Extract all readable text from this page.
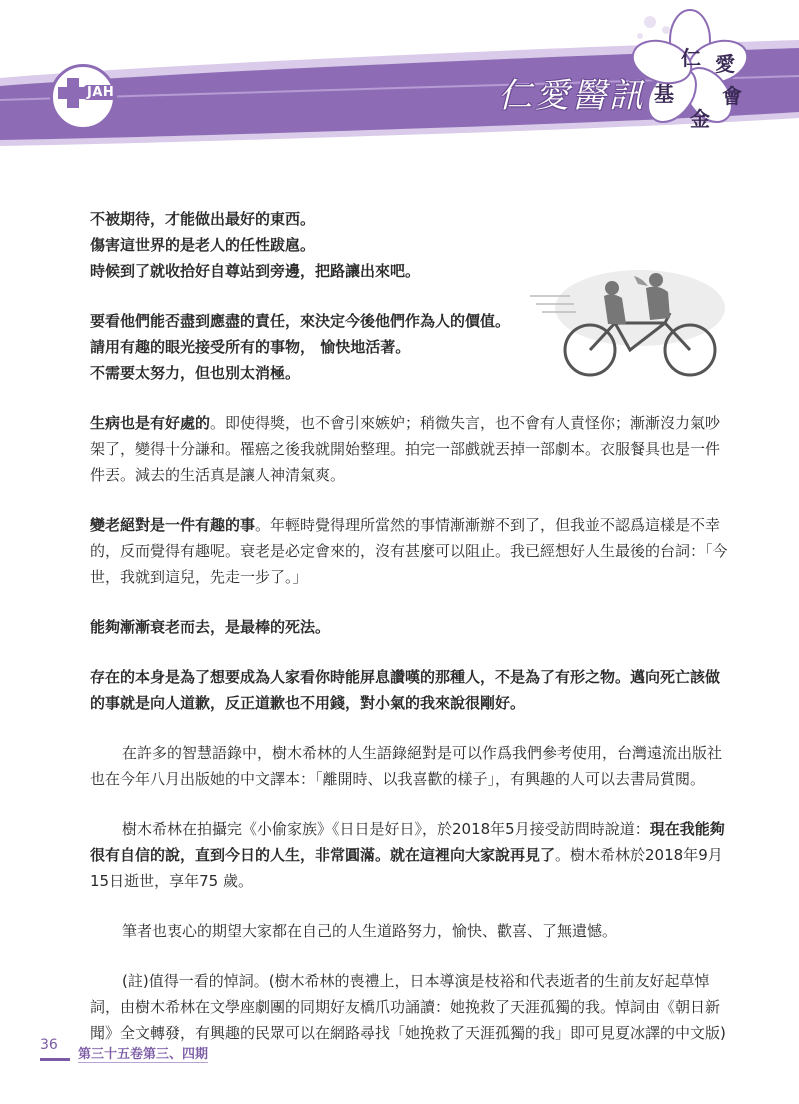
JAH	仁愛醫訊
仁 愛
基
金
會
不被期待，才能做出最好的東西。
傷害這世界的是老人的任性跋扈。
時候到了就收拾好自尊站到旁邊，把路讓出來吧。
要看他們能否盡到應盡的責任，來決定今後他們作為人的價值。
請用有趣的眼光接受所有的事物， 愉快地活著。
不需要太努力，但也別太消極。

生病也是有好處的。即使得獎，也不會引來嫉妒；稍微失言，也不會有人責怪你；漸漸沒力氣吵架了，變得十分謙和。罹癌之後我就開始整理。拍完一部戲就丟掉一部劇本。衣服餐具也是一件件丟。減去的生活真是讓人神清氣爽。

變老絕對是一件有趣的事。年輕時覺得理所當然的事情漸漸辦不到了，但我並不認爲這樣是不幸的，反而覺得有趣呢。衰老是必定會來的，沒有甚麼可以阻止。我已經想好人生最後的台詞：「今世，我就到這兒，先走一步了。」

能夠漸漸衰老而去，是最棒的死法。

存在的本身是為了想要成為人家看你時能屏息讚嘆的那種人，不是為了有形之物。邁向死亡該做的事就是向人道歉，反正道歉也不用錢，對小氣的我來說很剛好。

在許多的智慧語錄中，樹木希林的人生語錄絕對是可以作爲我們參考使用，台灣遠流出版社也在今年八月出版她的中文譯本：「離開時、以我喜歡的樣子」，有興趣的人可以去書局賞閱。

樹木希林在拍攝完《小偷家族》《日日是好日》，於2018年5月接受訪問時說道：現在我能夠很有自信的說，直到今日的人生，非常圓滿。就在這裡向大家說再見了。樹木希林於2018年9月15日逝世，享年75 歲。

筆者也衷心的期望大家都在自己的人生道路努力，愉快、歡喜、了無遺憾。

(註)值得一看的悼詞。(樹木希林的喪禮上，日本導演是枝裕和代表逝者的生前友好起草悼詞，由樹木希林在文學座劇團的同期好友橋爪功誦讀：她挽救了天涯孤獨的我。悼詞由《朝日新聞》全文轉發，有興趣的民眾可以在網路尋找「她挽救了天涯孤獨的我」即可見夏冰譯的中文版)

36
第三十五卷第三、四期
